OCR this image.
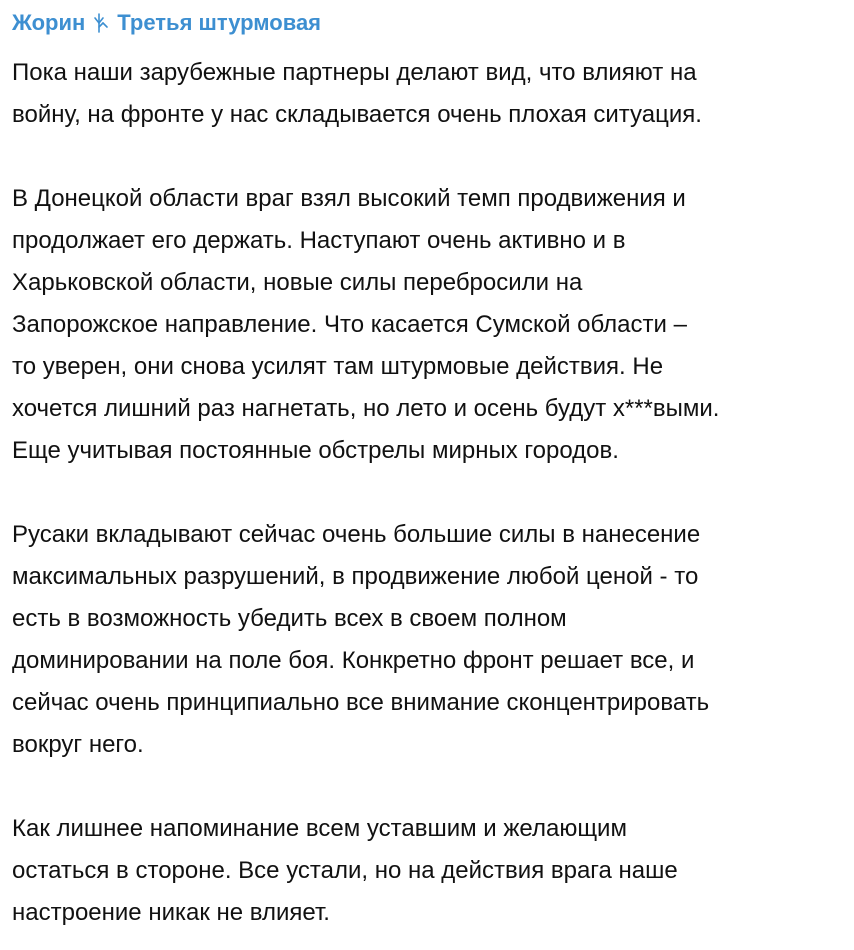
Жорин Третья штурмовая
Пока наши зарубежные партнеры делают вид, что влияют на
войну, на фронте у нас складывается очень плохая ситуация.
В Донецкой области враг взял высокий темп продвижения и
продолжает его держать. Наступают очень активно и в
Харьковской области, новые силы перебросили на
Запорожское направление. Что касается Сумской области –
то уверен, они снова усилят там штурмовые действия. Не
хочется лишний раз нагнетать, но лето и осень будут х***выми.
Еще учитывая постоянные обстрелы мирных городов.
Русаки вкладывают сейчас очень большие силы в нанесение
максимальных разрушений, в продвижение любой ценой - то
есть в возможность убедить всех в своем полном
доминировании на поле боя. Конкретно фронт решает все, и
сейчас очень принципиально все внимание сконцентрировать
вокруг него.
Как лишнее напоминание всем уставшим и желающим
остаться в стороне. Все устали, но на действия врага наше
настроение никак не влияет.
